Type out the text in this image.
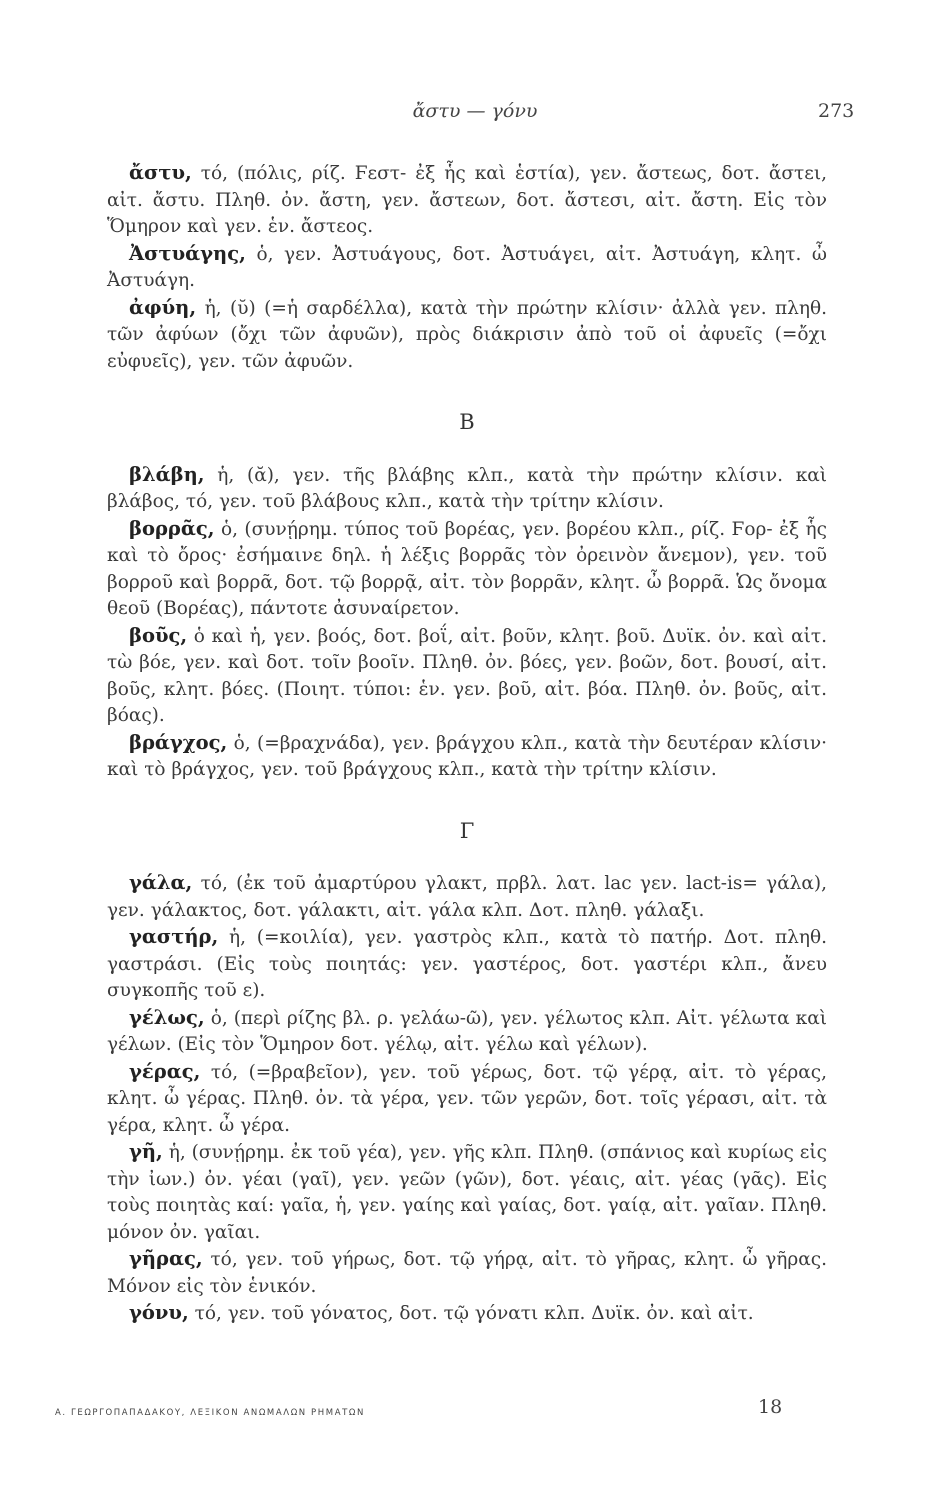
ἄστυ — γόνυ	273

ἄστυ, τό, (πόλις, ρίζ. Ϝεστ- ἐξ ἧς καὶ ἑστία), γεν. ἄστεως, δοτ. ἄστει, αἰτ. ἄστυ. Πληθ. ὀν. ἄστη, γεν. ἄστεων, δοτ. ἄστεσι, αἰτ. ἄστη. Εἰς τὸν Ὅμηρον καὶ γεν. ἑν. ἄστεος.

Ἀστυάγης, ὁ, γεν. Ἀστυάγους, δοτ. Ἀστυάγει, αἰτ. Ἀστυάγη, κλητ. ὦ Ἀστυάγη.

ἀφύη, ἡ, (ῠ) (=ἡ σαρδέλλα), κατὰ τὴν πρώτην κλίσιν· ἀλλὰ γεν. πληθ. τῶν ἀφύων (ὄχι τῶν ἀφυῶν), πρὸς διάκρισιν ἀπὸ τοῦ οἱ ἀφυεῖς (=ὄχι εὐφυεῖς), γεν. τῶν ἀφυῶν.

Β

βλάβη, ἡ, (ᾰ), γεν. τῆς βλάβης κλπ., κατὰ τὴν πρώτην κλίσιν. καὶ βλάβος, τό, γεν. τοῦ βλάβους κλπ., κατὰ τὴν τρίτην κλίσιν.

βορρᾶς, ὁ, (συνῄρημ. τύπος τοῦ βορέας, γεν. βορέου κλπ., ρίζ. Ϝορ- ἐξ ἧς καὶ τὸ ὄρος· ἐσήμαινε δηλ. ἡ λέξις βορρᾶς τὸν ὀρεινὸν ἄνεμον), γεν. τοῦ βορροῦ καὶ βορρᾶ, δοτ. τῷ βορρᾷ, αἰτ. τὸν βορρᾶν, κλητ. ὦ βορρᾶ. Ὡς ὄνομα θεοῦ (Βορέας), πάντοτε ἀσυναίρετον.

βοῦς, ὁ καὶ ἡ, γεν. βοός, δοτ. βοΐ, αἰτ. βοῦν, κλητ. βοῦ. Δυϊκ. ὀν. καὶ αἰτ. τὼ βόε, γεν. καὶ δοτ. τοῖν βοοῖν. Πληθ. ὀν. βόες, γεν. βοῶν, δοτ. βουσί, αἰτ. βοῦς, κλητ. βόες. (Ποιητ. τύποι: ἑν. γεν. βοῦ, αἰτ. βόα. Πληθ. ὀν. βοῦς, αἰτ. βόας).

βράγχος, ὁ, (=βραχνάδα), γεν. βράγχου κλπ., κατὰ τὴν δευτέραν κλίσιν· καὶ τὸ βράγχος, γεν. τοῦ βράγχους κλπ., κατὰ τὴν τρίτην κλίσιν.

Γ

γάλα, τό, (ἐκ τοῦ ἀμαρτύρου γλακτ, πρβλ. λατ. lac γεν. lact-is= γάλα), γεν. γάλακτος, δοτ. γάλακτι, αἰτ. γάλα κλπ. Δοτ. πληθ. γάλαξι.

γαστήρ, ἡ, (=κοιλία), γεν. γαστρὸς κλπ., κατὰ τὸ πατήρ. Δοτ. πληθ. γαστράσι. (Εἰς τοὺς ποιητάς: γεν. γαστέρος, δοτ. γαστέρι κλπ., ἄνευ συγκοπῆς τοῦ ε).

γέλως, ὁ, (περὶ ρίζης βλ. ρ. γελάω-ῶ), γεν. γέλωτος κλπ. Αἰτ. γέλωτα καὶ γέλων. (Εἰς τὸν Ὅμηρον δοτ. γέλῳ, αἰτ. γέλω καὶ γέλων).

γέρας, τό, (=βραβεῖον), γεν. τοῦ γέρως, δοτ. τῷ γέρᾳ, αἰτ. τὸ γέρας, κλητ. ὦ γέρας. Πληθ. ὀν. τὰ γέρα, γεν. τῶν γερῶν, δοτ. τοῖς γέρασι, αἰτ. τὰ γέρα, κλητ. ὦ γέρα.

γῆ, ἡ, (συνῄρημ. ἐκ τοῦ γέα), γεν. γῆς κλπ. Πληθ. (σπάνιος καὶ κυρίως εἰς τὴν ἰων.) ὀν. γέαι (γαῖ), γεν. γεῶν (γῶν), δοτ. γέαις, αἰτ. γέας (γᾶς). Εἰς τοὺς ποιητὰς καί: γαῖα, ἡ, γεν. γαίης καὶ γαίας, δοτ. γαίᾳ, αἰτ. γαῖαν. Πληθ. μόνον ὀν. γαῖαι.

γῆρας, τό, γεν. τοῦ γήρως, δοτ. τῷ γήρᾳ, αἰτ. τὸ γῆρας, κλητ. ὦ γῆρας. Μόνον εἰς τὸν ἑνικόν.

γόνυ, τό, γεν. τοῦ γόνατος, δοτ. τῷ γόνατι κλπ. Δυϊκ. ὀν. καὶ αἰτ.

Α. ΓΕΩΡΓΟΠΑΠΑΔΑΚΟΥ, ΛΕΞΙΚΟΝ ΑΝΩΜΑΛΩΝ ΡΗΜΑΤΩΝ	18
